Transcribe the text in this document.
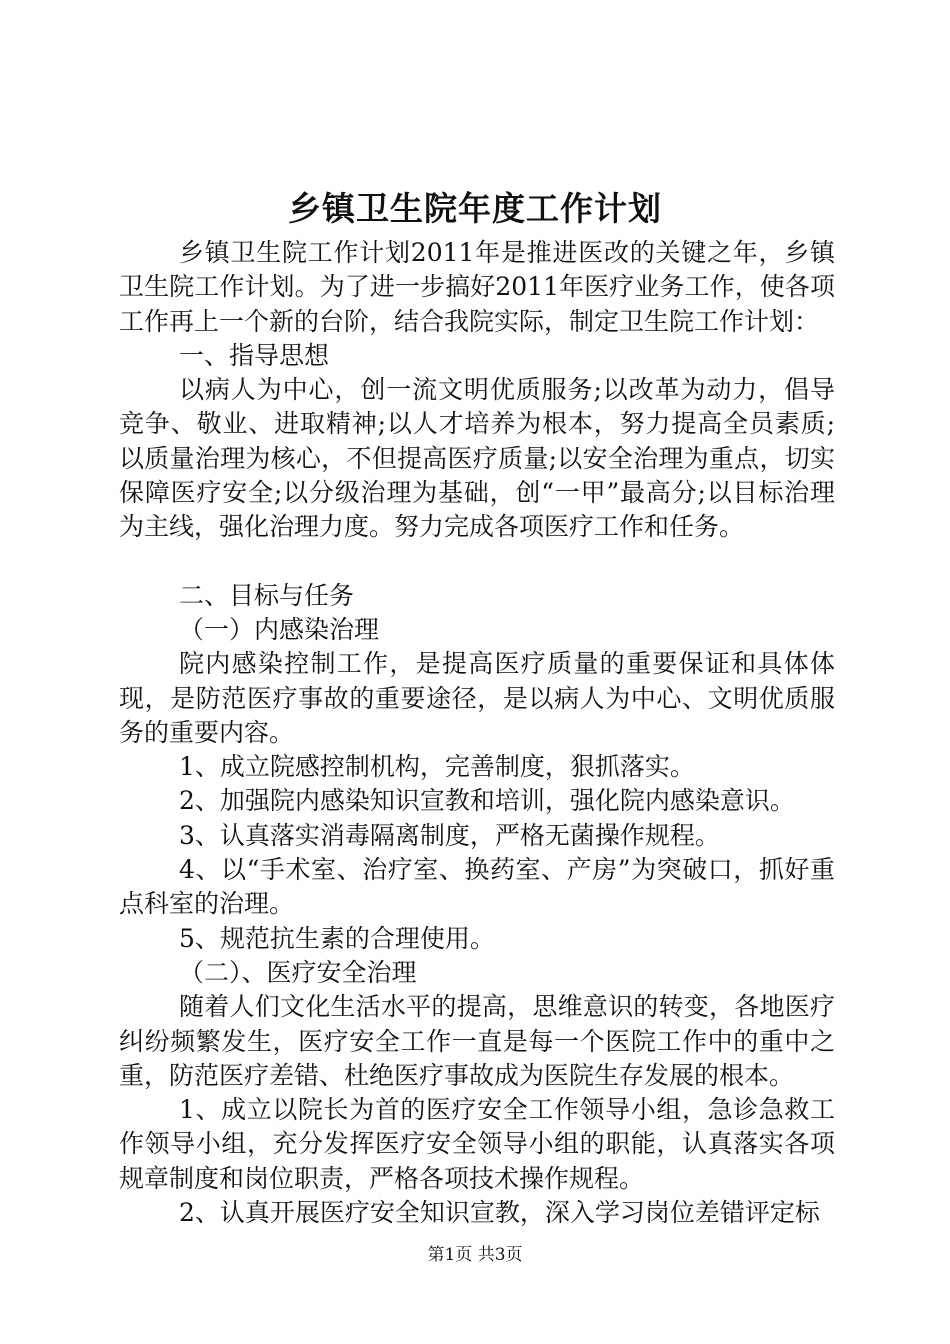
乡镇卫生院年度工作计划

乡镇卫生院工作计划2011年是推进医改的关键之年，乡镇卫生院工作计划。为了进一步搞好2011年医疗业务工作，使各项工作再上一个新的台阶，结合我院实际，制定卫生院工作计划：

一、指导思想

以病人为中心，创一流文明优质服务;以改革为动力，倡导竞争、敬业、进取精神;以人才培养为根本，努力提高全员素质;以质量治理为核心，不但提高医疗质量;以安全治理为重点，切实保障医疗安全;以分级治理为基础，创“一甲”最高分;以目标治理为主线，强化治理力度。努力完成各项医疗工作和任务。

二、目标与任务

（一）内感染治理

院内感染控制工作，是提高医疗质量的重要保证和具体体现，是防范医疗事故的重要途径，是以病人为中心、文明优质服务的重要内容。

1、成立院感控制机构，完善制度，狠抓落实。

2、加强院内感染知识宣教和培训，强化院内感染意识。

3、认真落实消毒隔离制度，严格无菌操作规程。

4、以“手术室、治疗室、换药室、产房”为突破口，抓好重点科室的治理。

5、规范抗生素的合理使用。

（二）、医疗安全治理

随着人们文化生活水平的提高，思维意识的转变，各地医疗纠纷频繁发生，医疗安全工作一直是每一个医院工作中的重中之重，防范医疗差错、杜绝医疗事故成为医院生存发展的根本。

1、成立以院长为首的医疗安全工作领导小组，急诊急救工作领导小组，充分发挥医疗安全领导小组的职能，认真落实各项规章制度和岗位职责，严格各项技术操作规程。

2、认真开展医疗安全知识宣教，深入学习岗位差错评定标

第1页 共3页
